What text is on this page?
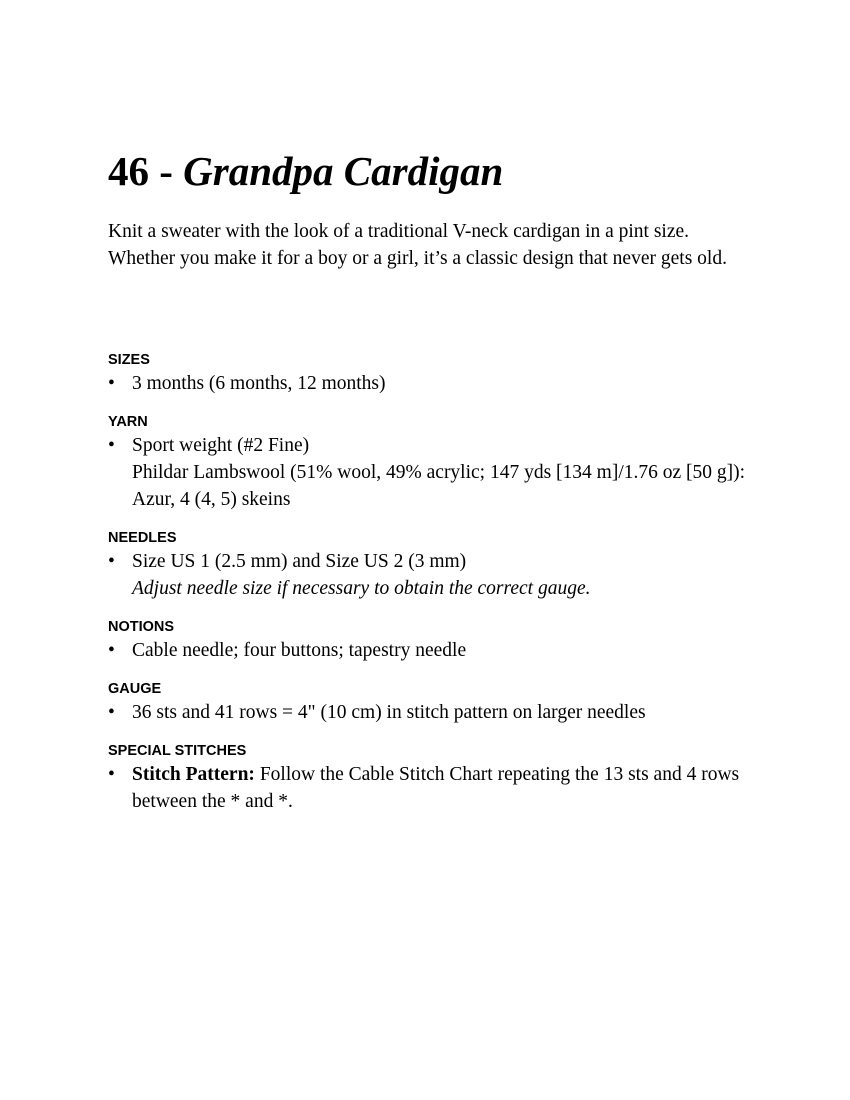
46 - Grandpa Cardigan

Knit a sweater with the look of a traditional V-neck cardigan in a pint size. Whether you make it for a boy or a girl, it’s a classic design that never gets old.

SIZES
• 3 months (6 months, 12 months)
YARN
• Sport weight (#2 Fine)
Phildar Lambswool (51% wool, 49% acrylic; 147 yds [134 m]/1.76 oz [50 g]): Azur, 4 (4, 5) skeins
NEEDLES
• Size US 1 (2.5 mm) and Size US 2 (3 mm)
Adjust needle size if necessary to obtain the correct gauge.
NOTIONS
• Cable needle; four buttons; tapestry needle
GAUGE
• 36 sts and 41 rows = 4" (10 cm) in stitch pattern on larger needles
SPECIAL STITCHES
• Stitch Pattern: Follow the Cable Stitch Chart repeating the 13 sts and 4 rows between the * and *.
